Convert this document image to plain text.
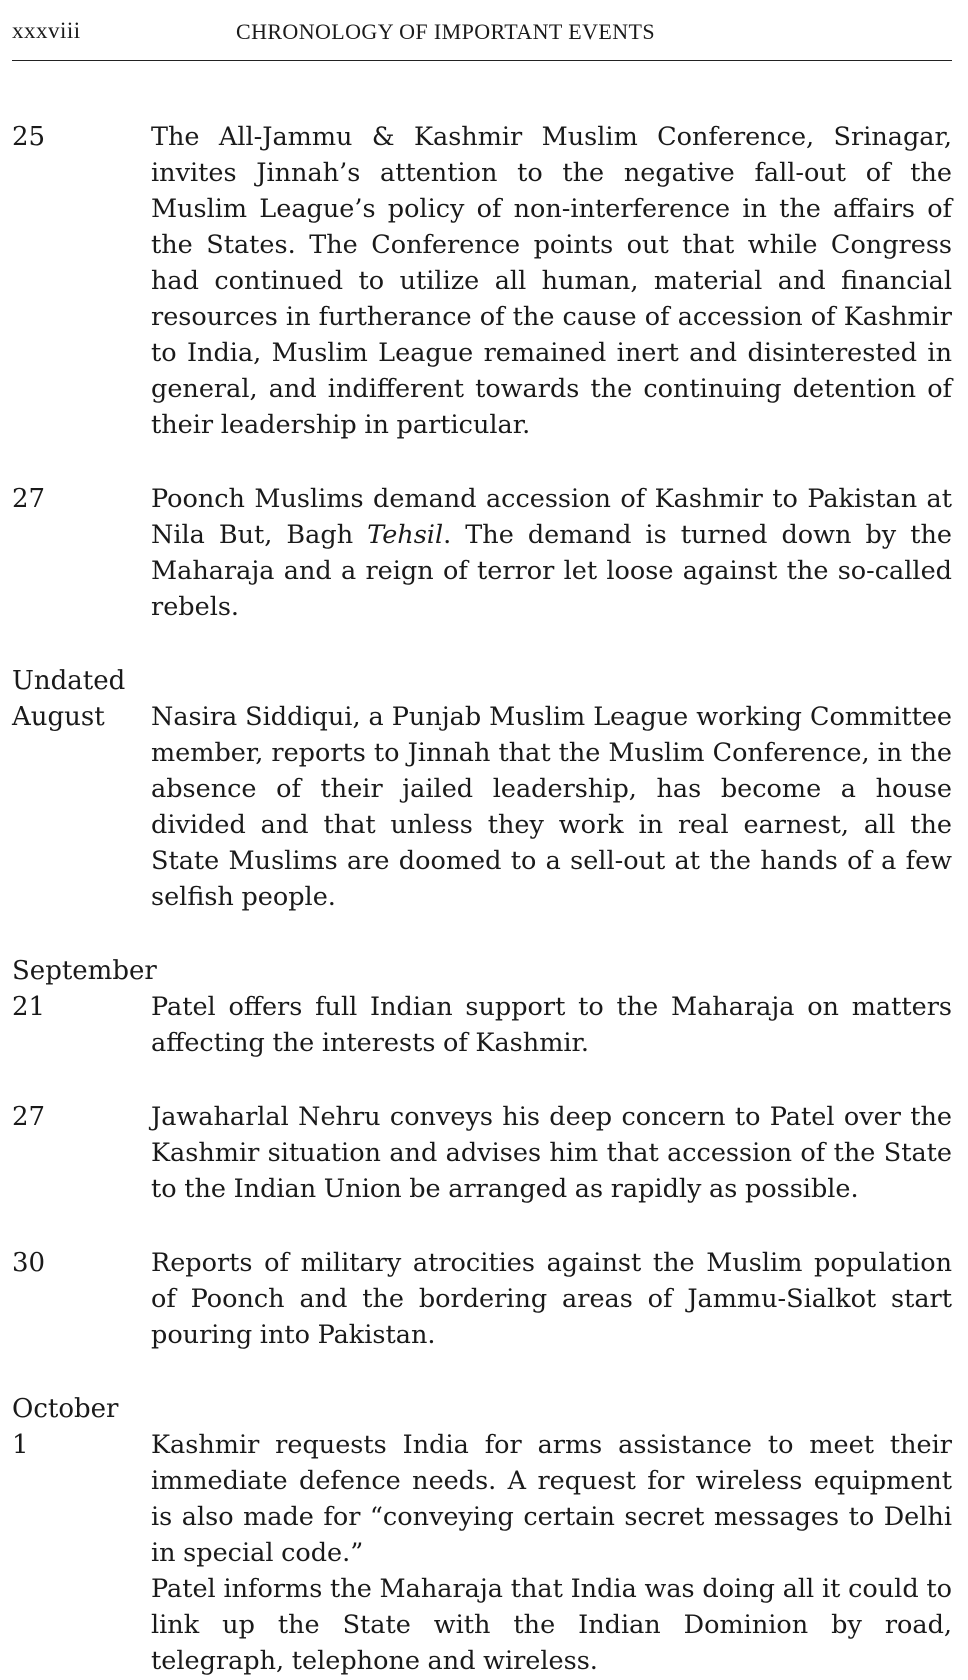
xxxviii	CHRONOLOGY OF IMPORTANT EVENTS
25	The All-Jammu & Kashmir Muslim Conference, Srinagar, invites Jinnah’s attention to the negative fall-out of the Muslim League’s policy of non-interference in the affairs of the States. The Conference points out that while Congress had continued to utilize all human, material and financial resources in furtherance of the cause of accession of Kashmir to India, Muslim League remained inert and disinterested in general, and indifferent towards the continuing detention of their leadership in particular.

27	Poonch Muslims demand accession of Kashmir to Pakistan at Nila But, Bagh Tehsil. The demand is turned down by the Maharaja and a reign of terror let loose against the so-called rebels.

Undated
August	Nasira Siddiqui, a Punjab Muslim League working Committee member, reports to Jinnah that the Muslim Conference, in the absence of their jailed leadership, has become a house divided and that unless they work in real earnest, all the State Muslims are doomed to a sell-out at the hands of a few selfish people.

September
21	Patel offers full Indian support to the Maharaja on matters affecting the interests of Kashmir.

27	Jawaharlal Nehru conveys his deep concern to Patel over the Kashmir situation and advises him that accession of the State to the Indian Union be arranged as rapidly as possible.

30	Reports of military atrocities against the Muslim population of Poonch and the bordering areas of Jammu-Sialkot start pouring into Pakistan.

October
1	Kashmir requests India for arms assistance to meet their immediate defence needs. A request for wireless equipment is also made for “conveying certain secret messages to Delhi in special code.”

Patel informs the Maharaja that India was doing all it could to link up the State with the Indian Dominion by road, telegraph, telephone and wireless.
